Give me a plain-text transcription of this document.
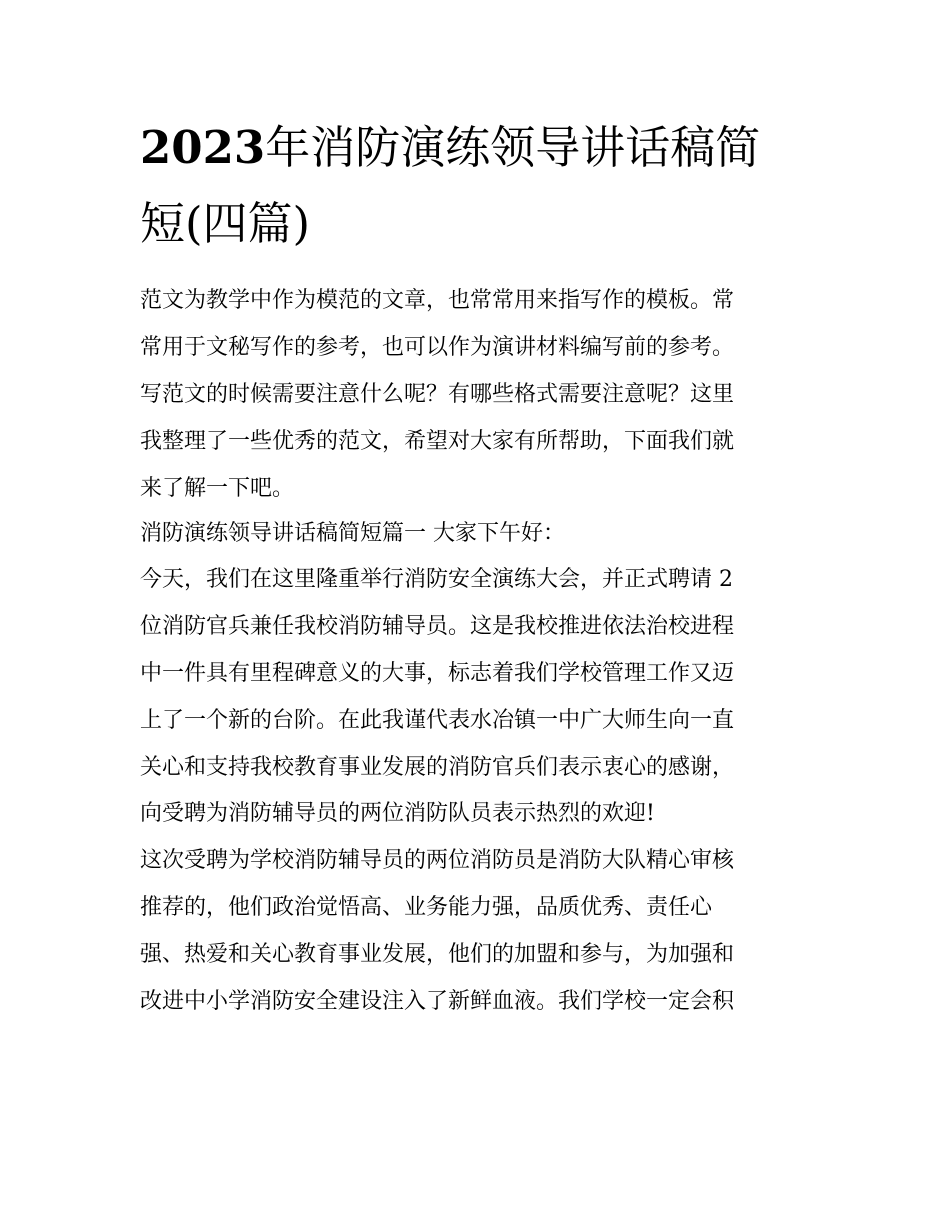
2023年消防演练领导讲话稿简
短(四篇)

范文为教学中作为模范的文章，也常常用来指写作的模板。常

常用于文秘写作的参考，也可以作为演讲材料编写前的参考。

写范文的时候需要注意什么呢？有哪些格式需要注意呢？这里

我整理了一些优秀的范文，希望对大家有所帮助，下面我们就

来了解一下吧。

消防演练领导讲话稿简短篇一 大家下午好：

今天，我们在这里隆重举行消防安全演练大会，并正式聘请 2

位消防官兵兼任我校消防辅导员。这是我校推进依法治校进程

中一件具有里程碑意义的大事，标志着我们学校管理工作又迈

上了一个新的台阶。在此我谨代表水冶镇一中广大师生向一直

关心和支持我校教育事业发展的消防官兵们表示衷心的感谢，

向受聘为消防辅导员的两位消防队员表示热烈的欢迎!

这次受聘为学校消防辅导员的两位消防员是消防大队精心审核

推荐的，他们政治觉悟高、业务能力强，品质优秀、责任心

强、热爱和关心教育事业发展，他们的加盟和参与，为加强和

改进中小学消防安全建设注入了新鲜血液。我们学校一定会积
